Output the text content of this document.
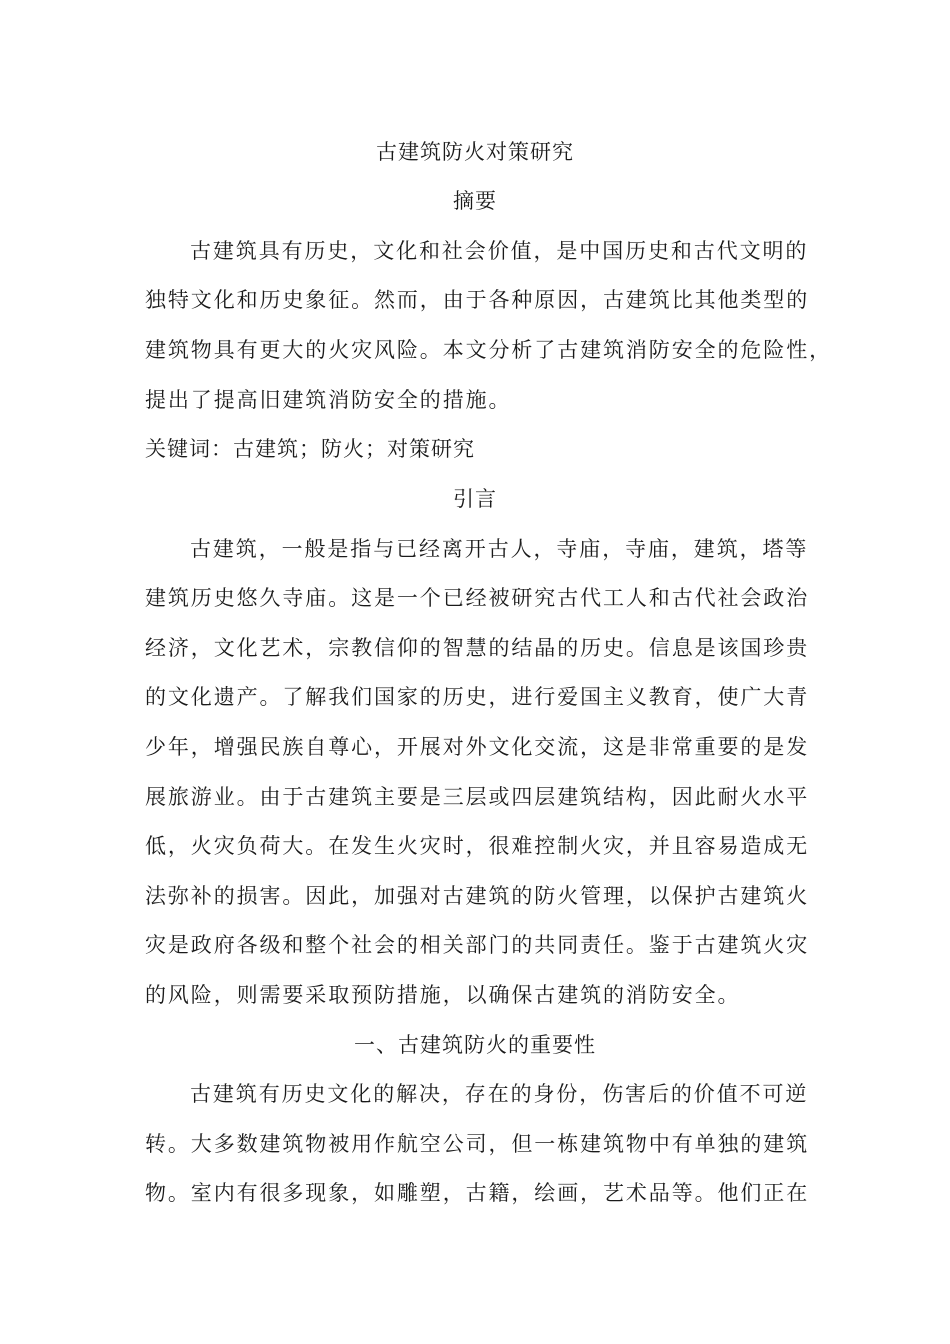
古建筑防火对策研究
摘要
古建筑具有历史，文化和社会价值，是中国历史和古代文明的
独特文化和历史象征。然而，由于各种原因，古建筑比其他类型的
建筑物具有更大的火灾风险。本文分析了古建筑消防安全的危险性，
提出了提高旧建筑消防安全的措施。
关键词：古建筑；防火；对策研究
引言
古建筑，一般是指与已经离开古人，寺庙，寺庙，建筑，塔等
建筑历史悠久寺庙。这是一个已经被研究古代工人和古代社会政治
经济，文化艺术，宗教信仰的智慧的结晶的历史。信息是该国珍贵
的文化遗产。了解我们国家的历史，进行爱国主义教育，使广大青
少年，增强民族自尊心，开展对外文化交流，这是非常重要的是发
展旅游业。由于古建筑主要是三层或四层建筑结构，因此耐火水平
低，火灾负荷大。在发生火灾时，很难控制火灾，并且容易造成无
法弥补的损害。因此，加强对古建筑的防火管理，以保护古建筑火
灾是政府各级和整个社会的相关部门的共同责任。鉴于古建筑火灾
的风险，则需要采取预防措施，以确保古建筑的消防安全。
一、古建筑防火的重要性
古建筑有历史文化的解决，存在的身份，伤害后的价值不可逆
转。大多数建筑物被用作航空公司，但一栋建筑物中有单独的建筑
物。室内有很多现象，如雕塑，古籍，绘画，艺术品等。他们正在
